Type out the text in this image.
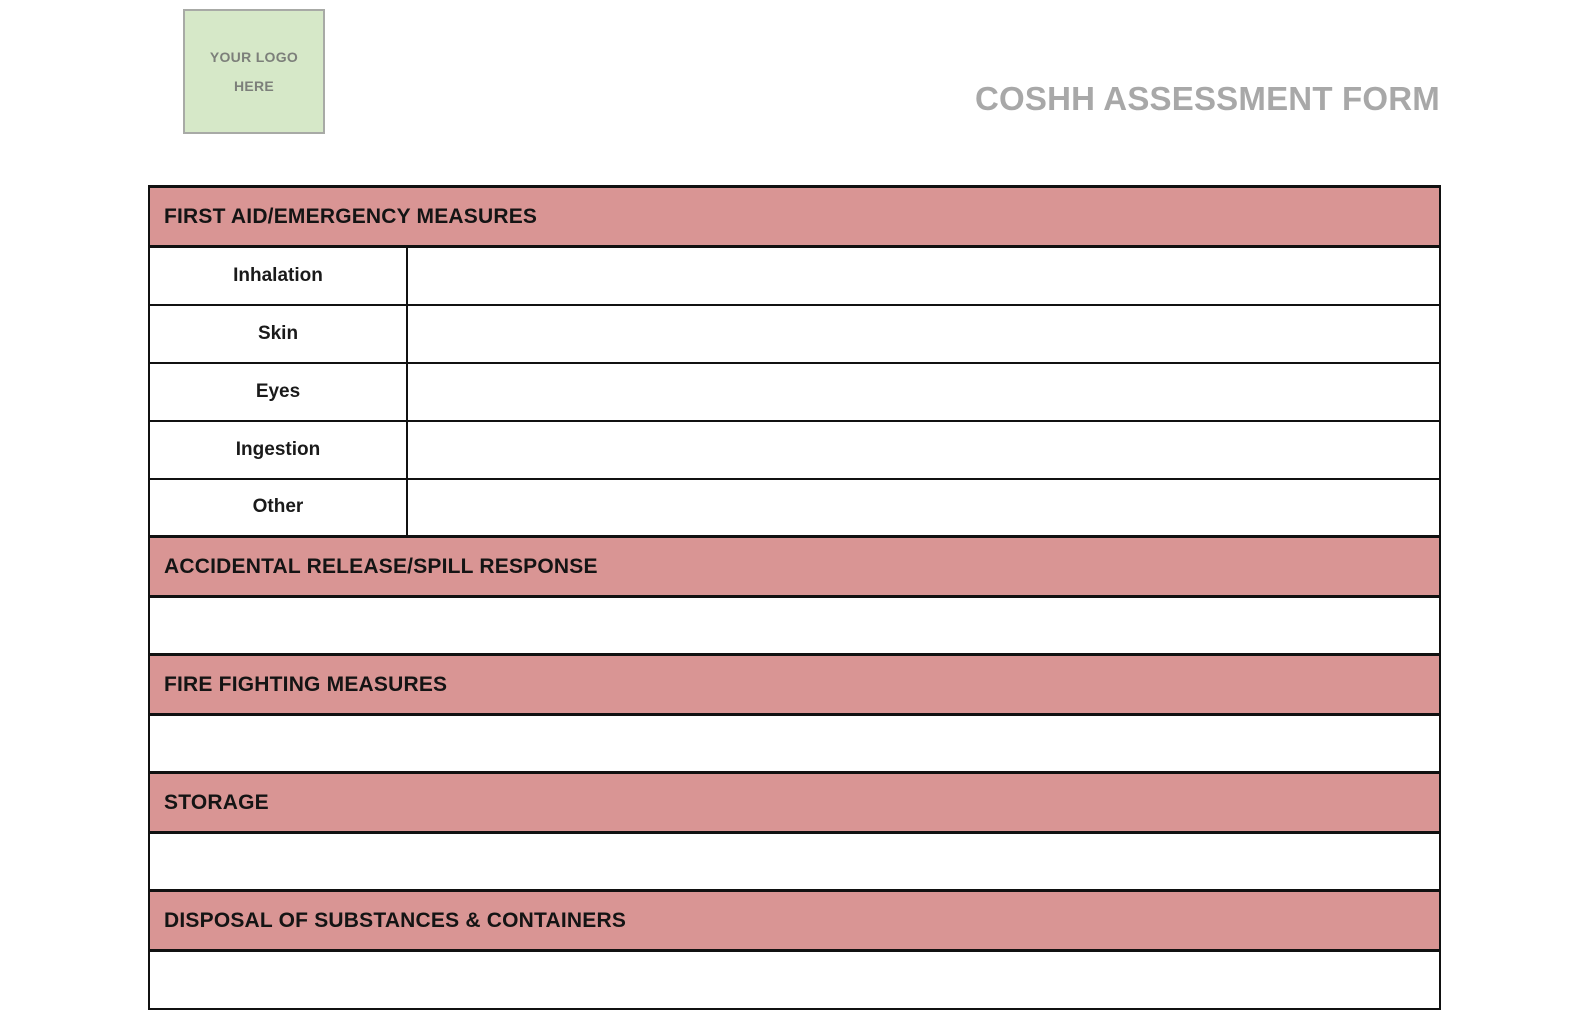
YOUR LOGO
HERE	COSHH ASSESSMENT FORM
FIRST AID/EMERGENCY MEASURES	
Inhalation	
Skin	
Eyes	
Ingestion	
Other	
ACCIDENTAL RELEASE/SPILL RESPONSE	

FIRE FIGHTING MEASURES	

STORAGE	

DISPOSAL OF SUBSTANCES & CONTAINERS	
